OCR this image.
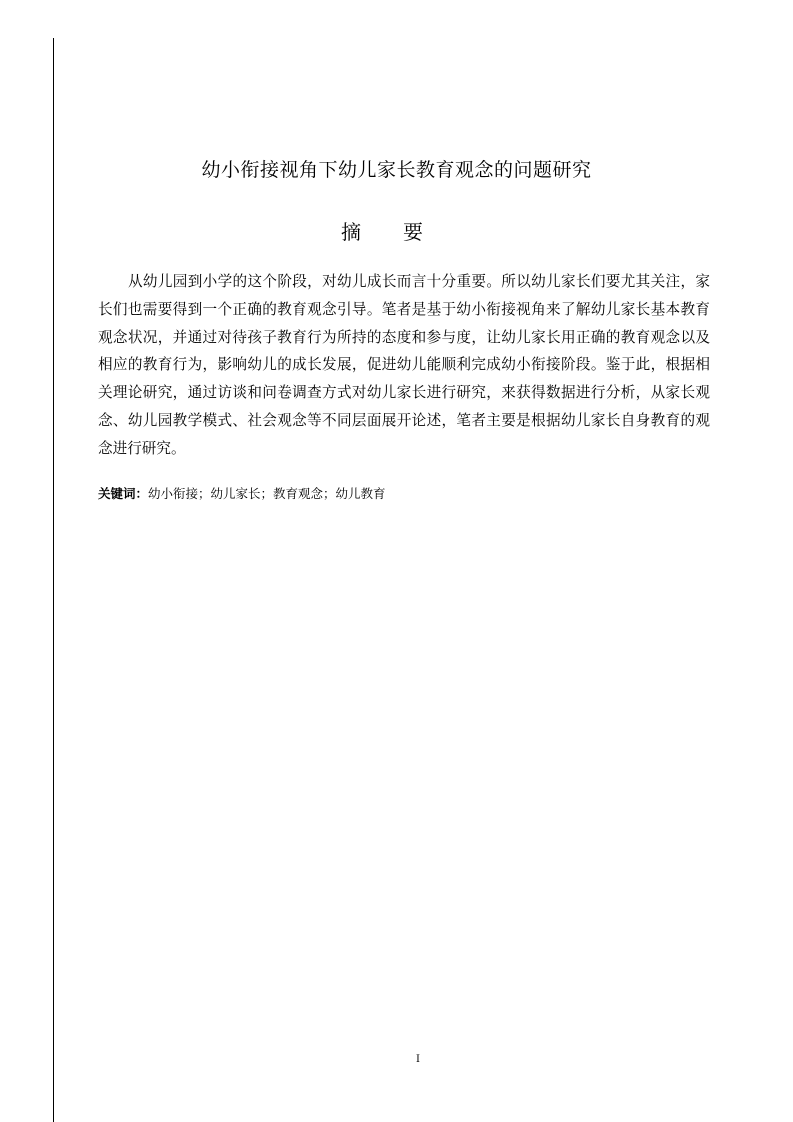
幼小衔接视角下幼儿家长教育观念的问题研究
摘要
从幼儿园到小学的这个阶段，对幼儿成长而言十分重要。所以幼儿家长们要尤其关注，家长们也需要得到一个正确的教育观念引导。笔者是基于幼小衔接视角来了解幼儿家长基本教育观念状况，并通过对待孩子教育行为所持的态度和参与度，让幼儿家长用正确的教育观念以及相应的教育行为，影响幼儿的成长发展，促进幼儿能顺利完成幼小衔接阶段。鉴于此，根据相关理论研究，通过访谈和问卷调查方式对幼儿家长进行研究，来获得数据进行分析，从家长观念、幼儿园教学模式、社会观念等不同层面展开论述，笔者主要是根据幼儿家长自身教育的观念进行研究。
关键词：幼小衔接；幼儿家长；教育观念；幼儿教育
I
